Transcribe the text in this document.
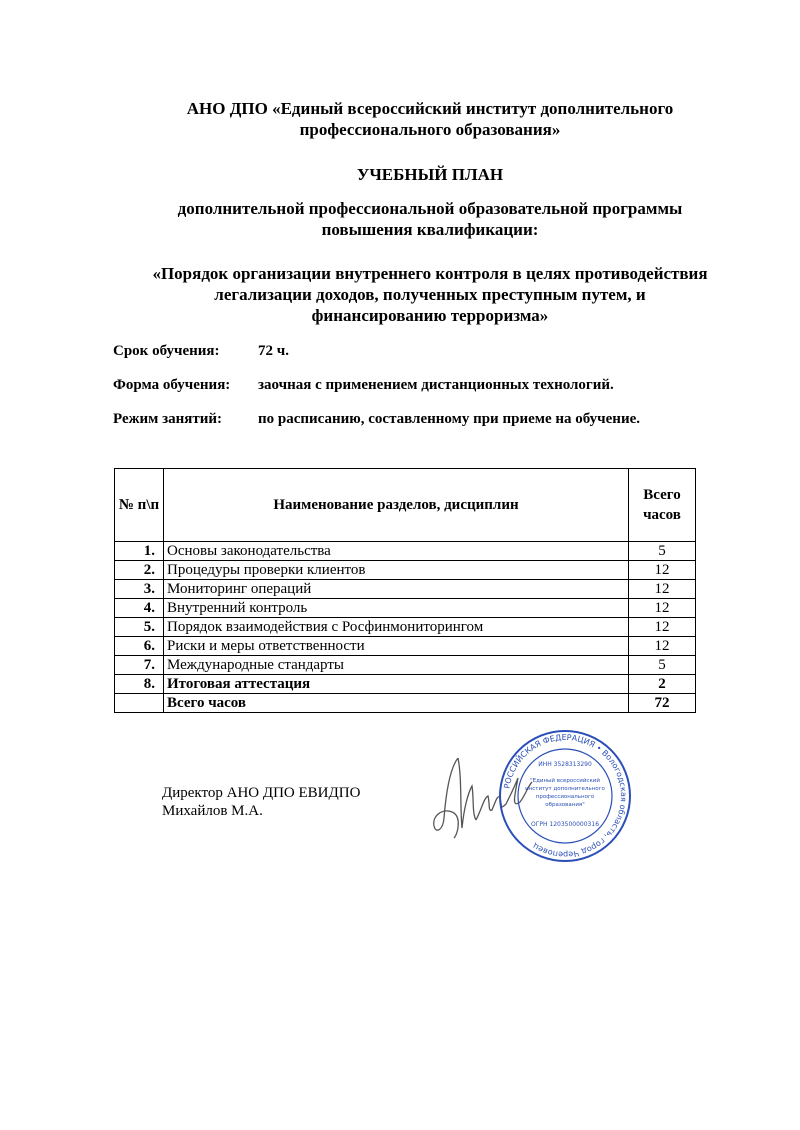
АНО ДПО «Единый всероссийский институт дополнительного
профессионального образования»
УЧЕБНЫЙ ПЛАН
дополнительной профессиональной образовательной программы
повышения квалификации:
«Порядок организации внутреннего контроля в целях противодействия
легализации доходов, полученных преступным путем, и
финансированию терроризма»
Срок обучения:	72 ч.
Форма обучения: заочная с применением дистанционных технологий.
Режим занятий: по расписанию, составленному при приеме на обучение.
№ п\п	Наименование разделов, дисциплин	Всего
часов

1.	Основы законодательства	5
2.	Процедуры проверки клиентов	12
3.	Мониторинг операций	12
4.	Внутренний контроль	12
5.	Порядок взаимодействия с Росфинмониторингом	12
6.	Риски и меры ответственности	12
7.	Международные стандарты	5
8.	Итоговая аттестация	2
	Всего часов	72
Директор АНО ДПО ЕВИДПО
Михайлов М.А.
РОССИЙСКАЯ ФЕДЕРАЦИЯ • Вологодская область, город Череповец
ИНН 3528313290
"Единый всероссийский
институт дополнительного
профессионального
образования"
ОГРН 1203500000316
